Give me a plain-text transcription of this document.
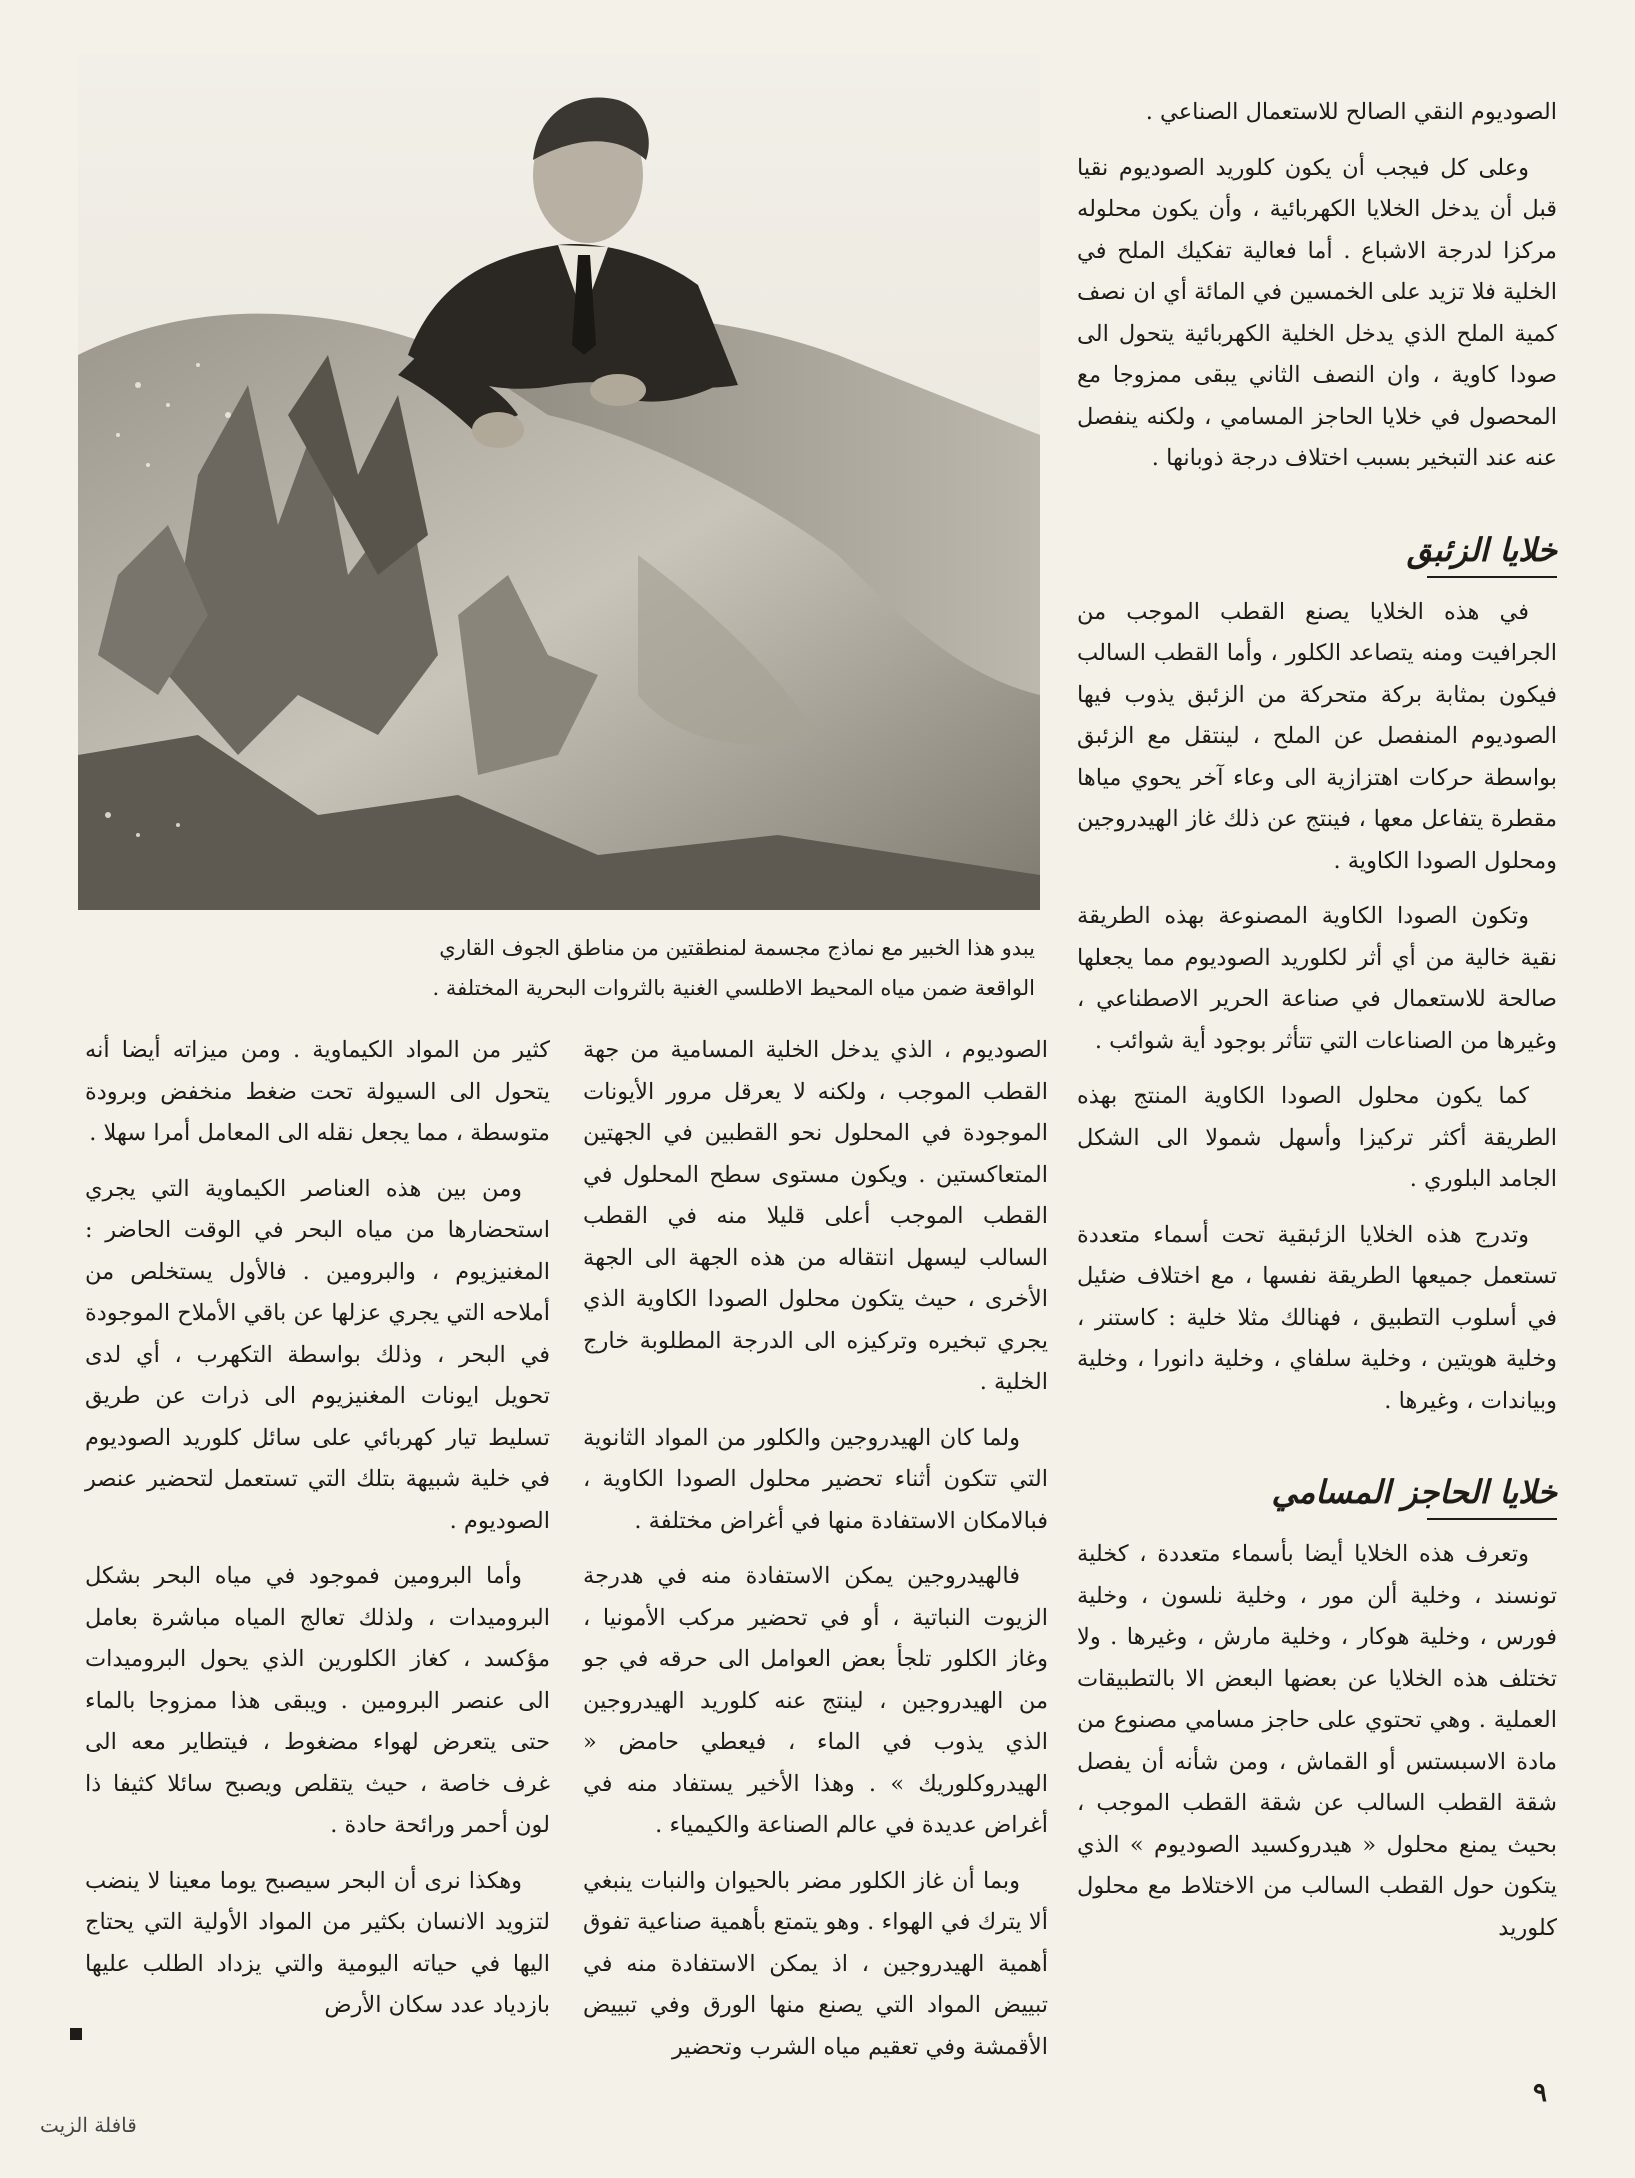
الصوديوم النقي الصالح للاستعمال الصناعي .

وعلى كل فيجب أن يكون كلوريد الصوديوم نقيا قبل أن يدخل الخلايا الكهربائية ، وأن يكون محلوله مركزا لدرجة الاشباع . أما فعالية تفكيك الملح في الخلية فلا تزيد على الخمسين في المائة أي ان نصف كمية الملح الذي يدخل الخلية الكهربائية يتحول الى صودا كاوية ، وان النصف الثاني يبقى ممزوجا مع المحصول في خلايا الحاجز المسامي ، ولكنه ينفصل عنه عند التبخير بسبب اختلاف درجة ذوبانها .

خلايا الزئبق

في هذه الخلايا يصنع القطب الموجب من الجرافيت ومنه يتصاعد الكلور ، وأما القطب السالب فيكون بمثابة بركة متحركة من الزئبق يذوب فيها الصوديوم المنفصل عن الملح ، لينتقل مع الزئبق بواسطة حركات اهتزازية الى وعاء آخر يحوي مياها مقطرة يتفاعل معها ، فينتج عن ذلك غاز الهيدروجين ومحلول الصودا الكاوية .

وتكون الصودا الكاوية المصنوعة بهذه الطريقة نقية خالية من أي أثر لكلوريد الصوديوم مما يجعلها صالحة للاستعمال في صناعة الحرير الاصطناعي ، وغيرها من الصناعات التي تتأثر بوجود أية شوائب .

كما يكون محلول الصودا الكاوية المنتج بهذه الطريقة أكثر تركيزا وأسهل شمولا الى الشكل الجامد البلوري .

وتدرج هذه الخلايا الزئبقية تحت أسماء متعددة تستعمل جميعها الطريقة نفسها ، مع اختلاف ضئيل في أسلوب التطبيق ، فهنالك مثلا خلية : كاستنر ، وخلية هويتين ، وخلية سلفاي ، وخلية دانورا ، وخلية وبياندات ، وغيرها .

خلايا الحاجز المسامي

وتعرف هذه الخلايا أيضا بأسماء متعددة ، كخلية تونسند ، وخلية ألن مور ، وخلية نلسون ، وخلية فورس ، وخلية هوكار ، وخلية مارش ، وغيرها . ولا تختلف هذه الخلايا عن بعضها البعض الا بالتطبيقات العملية . وهي تحتوي على حاجز مسامي مصنوع من مادة الاسبستس أو القماش ، ومن شأنه أن يفصل شقة القطب السالب عن شقة القطب الموجب ، بحيث يمنع محلول « هيدروكسيد الصوديوم » الذي يتكون حول القطب السالب من الاختلاط مع محلول كلوريد

يبدو هذا الخبير مع نماذج مجسمة لمنطقتين من مناطق الجوف القاري
الواقعة ضمن مياه المحيط الاطلسي الغنية بالثروات البحرية المختلفة .

الصوديوم ، الذي يدخل الخلية المسامية من جهة القطب الموجب ، ولكنه لا يعرقل مرور الأيونات الموجودة في المحلول نحو القطبين في الجهتين المتعاكستين . ويكون مستوى سطح المحلول في القطب الموجب أعلى قليلا منه في القطب السالب ليسهل انتقاله من هذه الجهة الى الجهة الأخرى ، حيث يتكون محلول الصودا الكاوية الذي يجري تبخيره وتركيزه الى الدرجة المطلوبة خارج الخلية .

ولما كان الهيدروجين والكلور من المواد الثانوية التي تتكون أثناء تحضير محلول الصودا الكاوية ، فبالامكان الاستفادة منها في أغراض مختلفة .

فالهيدروجين يمكن الاستفادة منه في هدرجة الزيوت النباتية ، أو في تحضير مركب الأمونيا ، وغاز الكلور تلجأ بعض العوامل الى حرقه في جو من الهيدروجين ، لينتج عنه كلوريد الهيدروجين الذي يذوب في الماء ، فيعطي حامض « الهيدروكلوريك » . وهذا الأخير يستفاد منه في أغراض عديدة في عالم الصناعة والكيمياء .

وبما أن غاز الكلور مضر بالحيوان والنبات ينبغي ألا يترك في الهواء . وهو يتمتع بأهمية صناعية تفوق أهمية الهيدروجين ، اذ يمكن الاستفادة منه في تبييض المواد التي يصنع منها الورق وفي تبييض الأقمشة وفي تعقيم مياه الشرب وتحضير

كثير من المواد الكيماوية . ومن ميزاته أيضا أنه يتحول الى السيولة تحت ضغط منخفض وبرودة متوسطة ، مما يجعل نقله الى المعامل أمرا سهلا .

ومن بين هذه العناصر الكيماوية التي يجري استحضارها من مياه البحر في الوقت الحاضر : المغنيزيوم ، والبرومين . فالأول يستخلص من أملاحه التي يجري عزلها عن باقي الأملاح الموجودة في البحر ، وذلك بواسطة التكهرب ، أي لدى تحويل ايونات المغنيزيوم الى ذرات عن طريق تسليط تيار كهربائي على سائل كلوريد الصوديوم في خلية شبيهة بتلك التي تستعمل لتحضير عنصر الصوديوم .

وأما البرومين فموجود في مياه البحر بشكل البروميدات ، ولذلك تعالج المياه مباشرة بعامل مؤكسد ، كغاز الكلورين الذي يحول البروميدات الى عنصر البرومين . ويبقى هذا ممزوجا بالماء حتى يتعرض لهواء مضغوط ، فيتطاير معه الى غرف خاصة ، حيث يتقلص ويصبح سائلا كثيفا ذا لون أحمر ورائحة حادة .

وهكذا نرى أن البحر سيصبح يوما معينا لا ينضب لتزويد الانسان بكثير من المواد الأولية التي يحتاج اليها في حياته اليومية والتي يزداد الطلب عليها بازدياد عدد سكان الأرض

٩
قافلة الزيت
